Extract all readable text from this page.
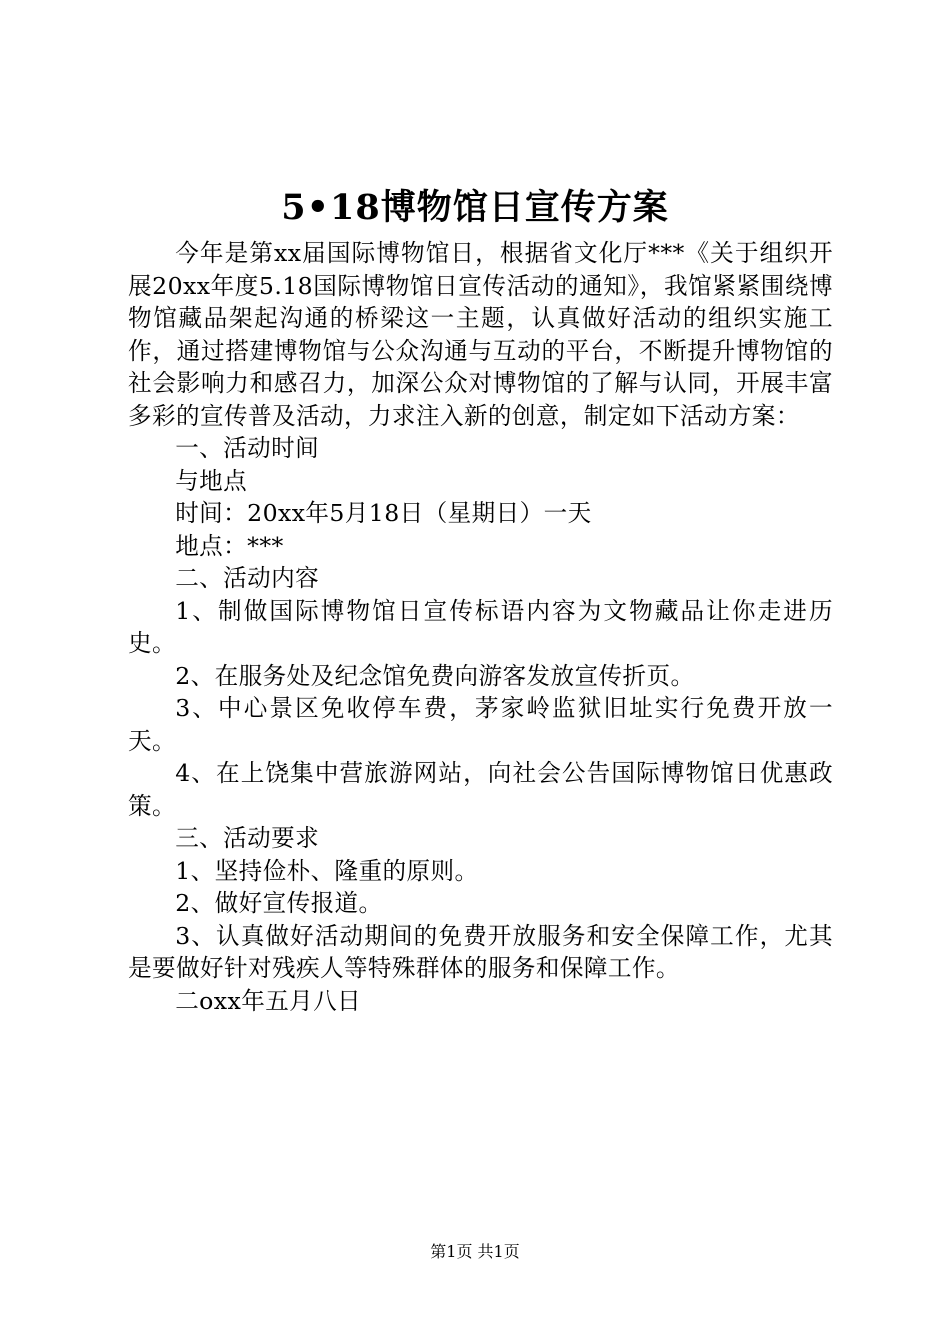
5•18博物馆日宣传方案

今年是第xx届国际博物馆日，根据省文化厅***《关于组织开展20xx年度5.18国际博物馆日宣传活动的通知》，我馆紧紧围绕博物馆藏品架起沟通的桥梁这一主题，认真做好活动的组织实施工作，通过搭建博物馆与公众沟通与互动的平台，不断提升博物馆的社会影响力和感召力，加深公众对博物馆的了解与认同，开展丰富多彩的宣传普及活动，力求注入新的创意，制定如下活动方案：

一、活动时间

与地点

时间：20xx年5月18日（星期日）一天

地点：***

二、活动内容

1、制做国际博物馆日宣传标语内容为文物藏品让你走进历史。

2、在服务处及纪念馆免费向游客发放宣传折页。

3、中心景区免收停车费，茅家岭监狱旧址实行免费开放一天。

4、在上饶集中营旅游网站，向社会公告国际博物馆日优惠政策。

三、活动要求

1、坚持俭朴、隆重的原则。

2、做好宣传报道。

3、认真做好活动期间的免费开放服务和安全保障工作，尤其是要做好针对残疾人等特殊群体的服务和保障工作。

二oxx年五月八日

第1页 共1页
